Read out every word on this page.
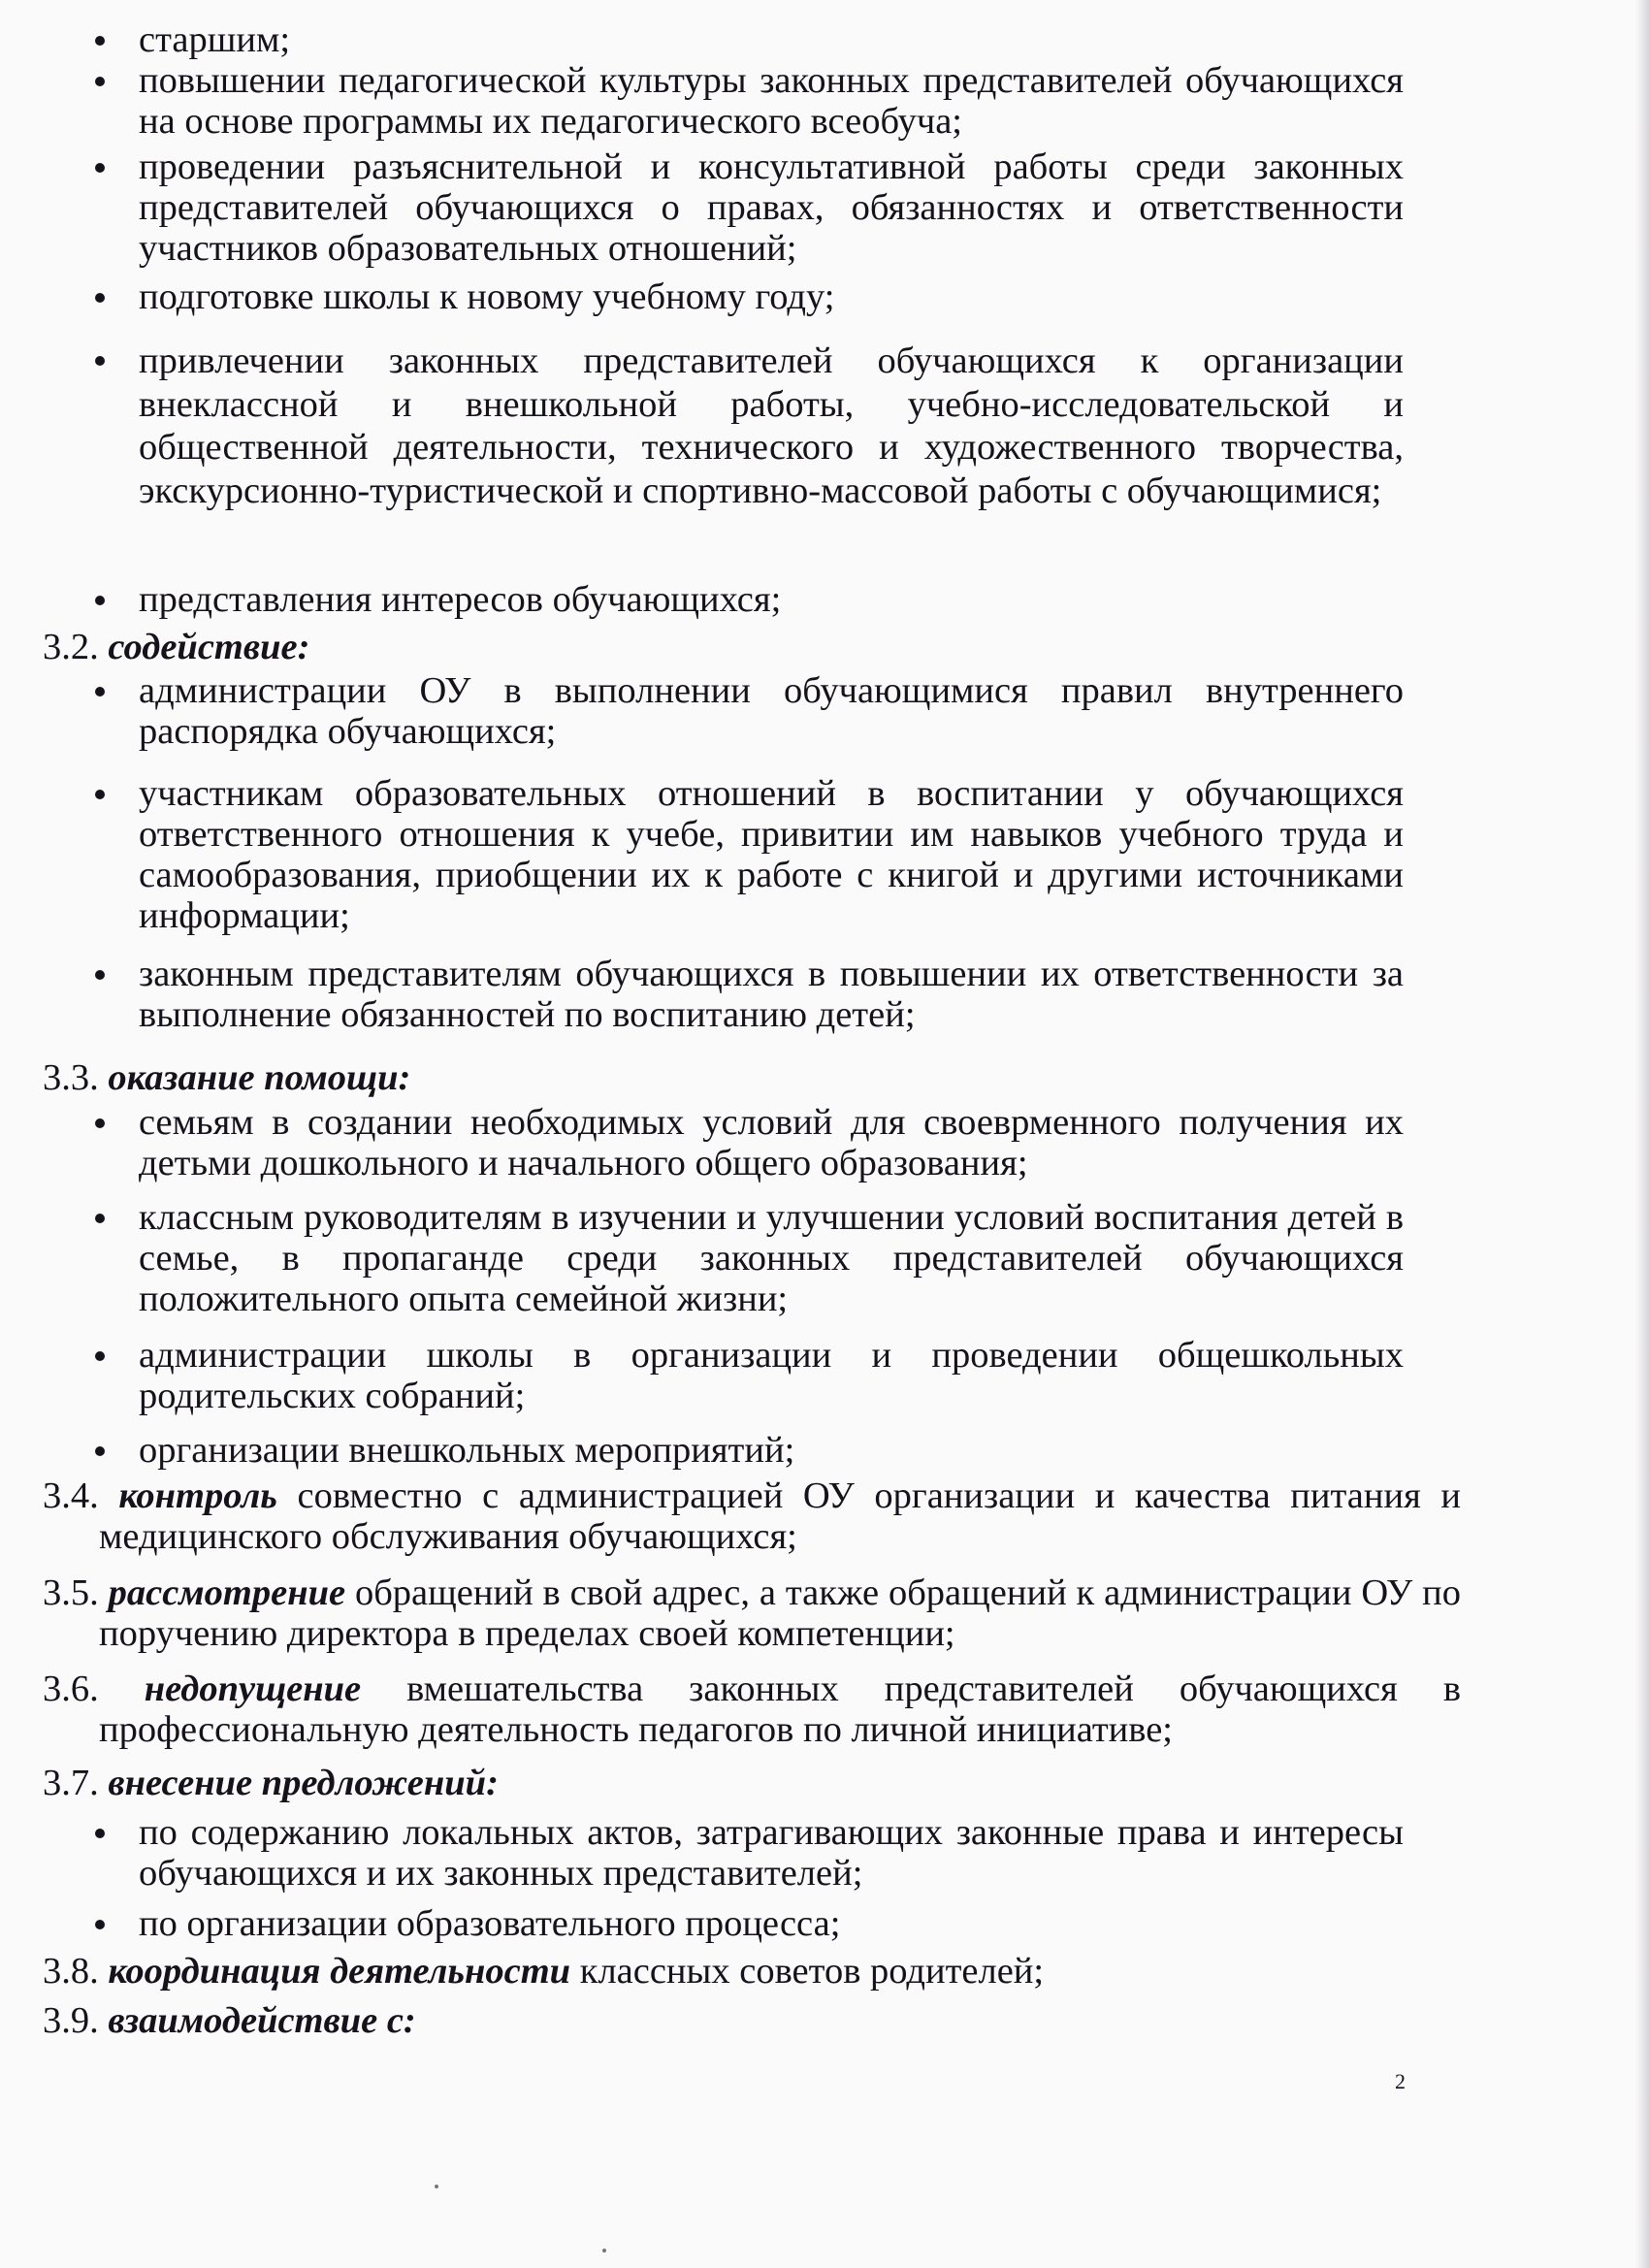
старшим;
повышении педагогической культуры законных представителей обучающихся на основе программы их педагогического всеобуча;
проведении разъяснительной и консультативной работы среди законных представителей обучающихся о правах, обязанностях и ответственности участников образовательных отношений;
подготовке школы к новому учебному году;
привлечении законных представителей обучающихся к организации внеклассной и внешкольной работы, учебно-исследовательской и общественной деятельности, технического и художественного творчества, экскурсионно-туристической и спортивно-массовой работы с обучающимися;
представления интересов обучающихся;
3.2. содействие:
администрации ОУ в выполнении обучающимися правил внутреннего распорядка обучающихся;
участникам образовательных отношений в воспитании у обучающихся ответственного отношения к учебе, привитии им навыков учебного труда и самообразования, приобщении их к работе с книгой и другими источниками информации;
законным представителям обучающихся в повышении их ответственности за выполнение обязанностей по воспитанию детей;
3.3. оказание помощи:
семьям в создании необходимых условий для своеврменного получения их детьми дошкольного и начального общего образования;
классным руководителям в изучении и улучшении условий воспитания детей в семье, в пропаганде среди законных представителей обучающихся положительного опыта семейной жизни;
администрации школы в организации и проведении общешкольных родительских собраний;
организации внешкольных мероприятий;
3.4. контроль совместно с администрацией ОУ организации и качества питания и медицинского обслуживания обучающихся;
3.5. рассмотрение обращений в свой адрес, а также обращений к администрации ОУ по поручению директора в пределах своей компетенции;
3.6. недопущение вмешательства законных представителей обучающихся в профессиональную деятельность педагогов по личной инициативе;
3.7. внесение предложений:
по содержанию локальных актов, затрагивающих законные права и интересы обучающихся и их законных представителей;
по организации образовательного процесса;
3.8. координация деятельности классных советов родителей;
3.9. взаимодействие с:
2
